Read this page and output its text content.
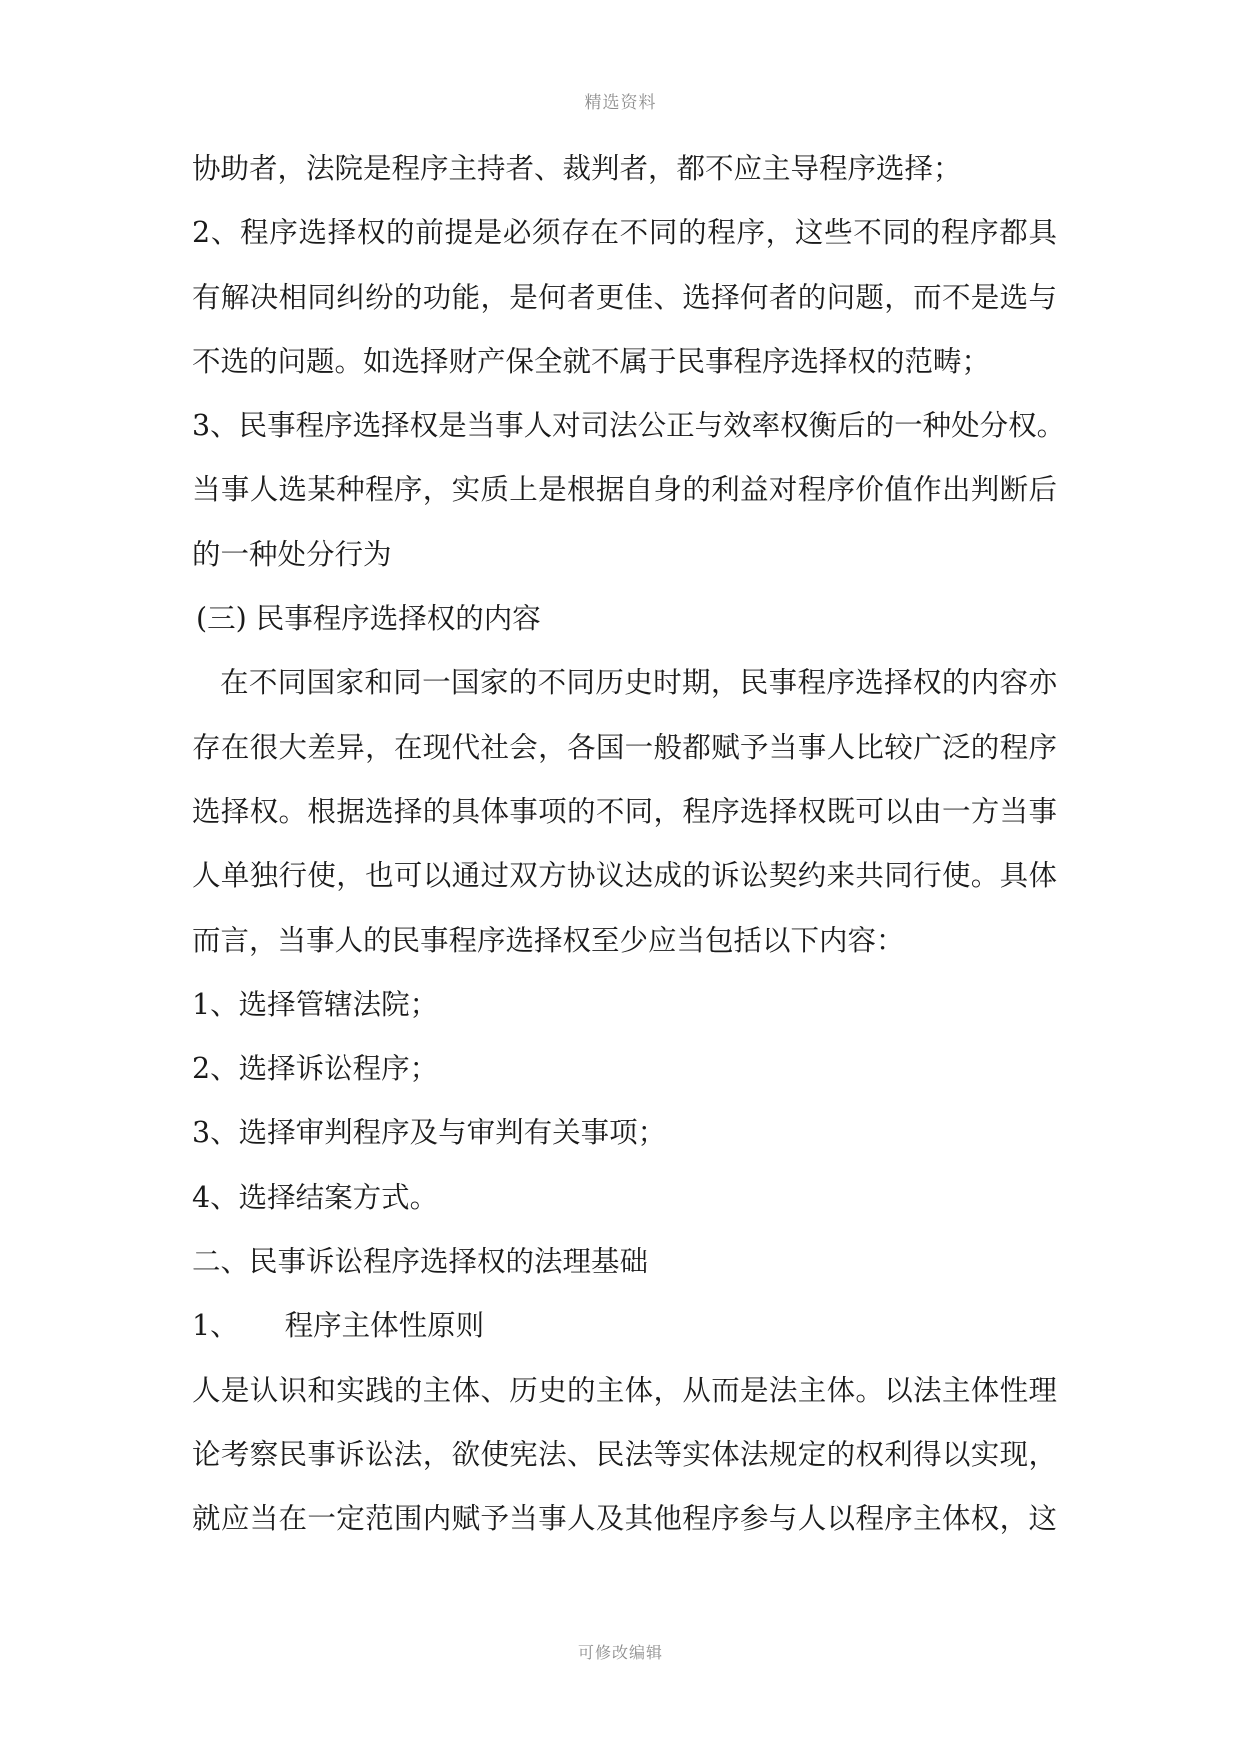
精选资料
协助者，法院是程序主持者、裁判者，都不应主导程序选择；
2、程序选择权的前提是必须存在不同的程序，这些不同的程序都具
有解决相同纠纷的功能，是何者更佳、选择何者的问题，而不是选与
不选的问题。如选择财产保全就不属于民事程序选择权的范畴；
3、民事程序选择权是当事人对司法公正与效率权衡后的一种处分权。
当事人选某种程序，实质上是根据自身的利益对程序价值作出判断后
的一种处分行为
(三) 民事程序选择权的内容
在不同国家和同一国家的不同历史时期，民事程序选择权的内容亦
存在很大差异，在现代社会，各国一般都赋予当事人比较广泛的程序
选择权。根据选择的具体事项的不同，程序选择权既可以由一方当事
人单独行使，也可以通过双方协议达成的诉讼契约来共同行使。具体
而言，当事人的民事程序选择权至少应当包括以下内容：
1、选择管辖法院；
2、选择诉讼程序；
3、选择审判程序及与审判有关事项；
4、选择结案方式。
二、民事诉讼程序选择权的法理基础
1、 程序主体性原则
人是认识和实践的主体、历史的主体，从而是法主体。以法主体性理
论考察民事诉讼法，欲使宪法、民法等实体法规定的权利得以实现，
就应当在一定范围内赋予当事人及其他程序参与人以程序主体权，这
可修改编辑
